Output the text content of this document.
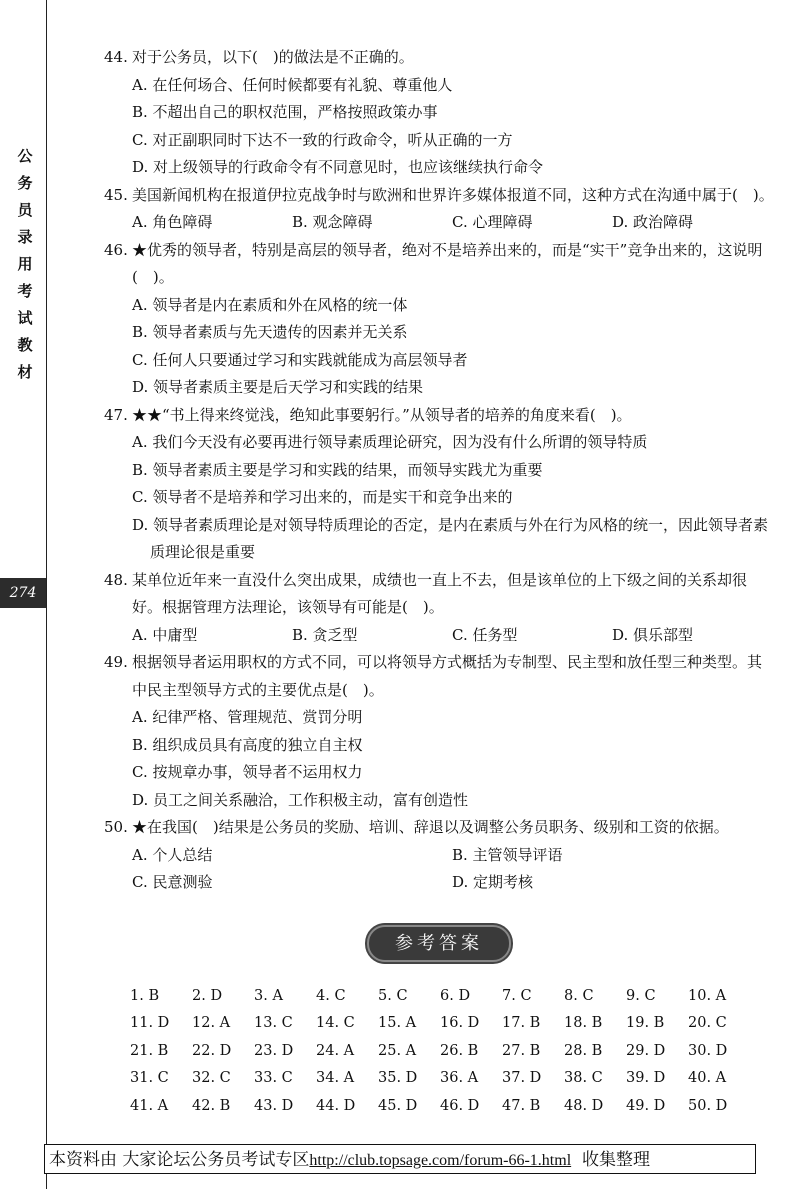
公
务
员
录
用
考
试
教
材
274
44. 对于公务员，以下(　)的做法是不正确的。
A. 在任何场合、任何时候都要有礼貌、尊重他人
B. 不超出自己的职权范围，严格按照政策办事
C. 对正副职同时下达不一致的行政命令，听从正确的一方
D. 对上级领导的行政命令有不同意见时，也应该继续执行命令
45. 美国新闻机构在报道伊拉克战争时与欧洲和世界许多媒体报道不同，这种方式在沟通中属于(　)。
A. 角色障碍	B. 观念障碍	C. 心理障碍	D. 政治障碍
46. ★优秀的领导者，特别是高层的领导者，绝对不是培养出来的，而是“实干”竞争出来的，这说明(　)。
A. 领导者是内在素质和外在风格的统一体
B. 领导者素质与先天遗传的因素并无关系
C. 任何人只要通过学习和实践就能成为高层领导者
D. 领导者素质主要是后天学习和实践的结果
47. ★★“书上得来终觉浅，绝知此事要躬行。”从领导者的培养的角度来看(　)。
A. 我们今天没有必要再进行领导素质理论研究，因为没有什么所谓的领导特质
B. 领导者素质主要是学习和实践的结果，而领导实践尤为重要
C. 领导者不是培养和学习出来的，而是实干和竞争出来的
D. 领导者素质理论是对领导特质理论的否定，是内在素质与外在行为风格的统一，因此领导者素质理论很是重要
48. 某单位近年来一直没什么突出成果，成绩也一直上不去，但是该单位的上下级之间的关系却很好。根据管理方法理论，该领导有可能是(　)。
A. 中庸型	B. 贪乏型	C. 任务型	D. 俱乐部型
49. 根据领导者运用职权的方式不同，可以将领导方式概括为专制型、民主型和放任型三种类型。其中民主型领导方式的主要优点是(　)。
A. 纪律严格、管理规范、赏罚分明
B. 组织成员具有高度的独立自主权
C. 按规章办事，领导者不运用权力
D. 员工之间关系融洽，工作积极主动，富有创造性
50. ★在我国(　)结果是公务员的奖励、培训、辞退以及调整公务员职务、级别和工资的依据。
A. 个人总结	B. 主管领导评语
C. 民意测验	D. 定期考核
参考答案
1. B	2. D	3. A	4. C	5. C	6. D	7. C	8. C	9. C	10. A
11. D	12. A	13. C	14. C	15. A	16. D	17. B	18. B	19. B	20. C
21. B	22. D	23. D	24. A	25. A	26. B	27. B	28. B	29. D	30. D
31. C	32. C	33. C	34. A	35. D	36. A	37. D	38. C	39. D	40. A
41. A	42. B	43. D	44. D	45. D	46. D	47. B	48. D	49. D	50. D
本资料由 大家论坛公务员考试专区http://club.topsage.com/forum-66-1.html 收集整理
